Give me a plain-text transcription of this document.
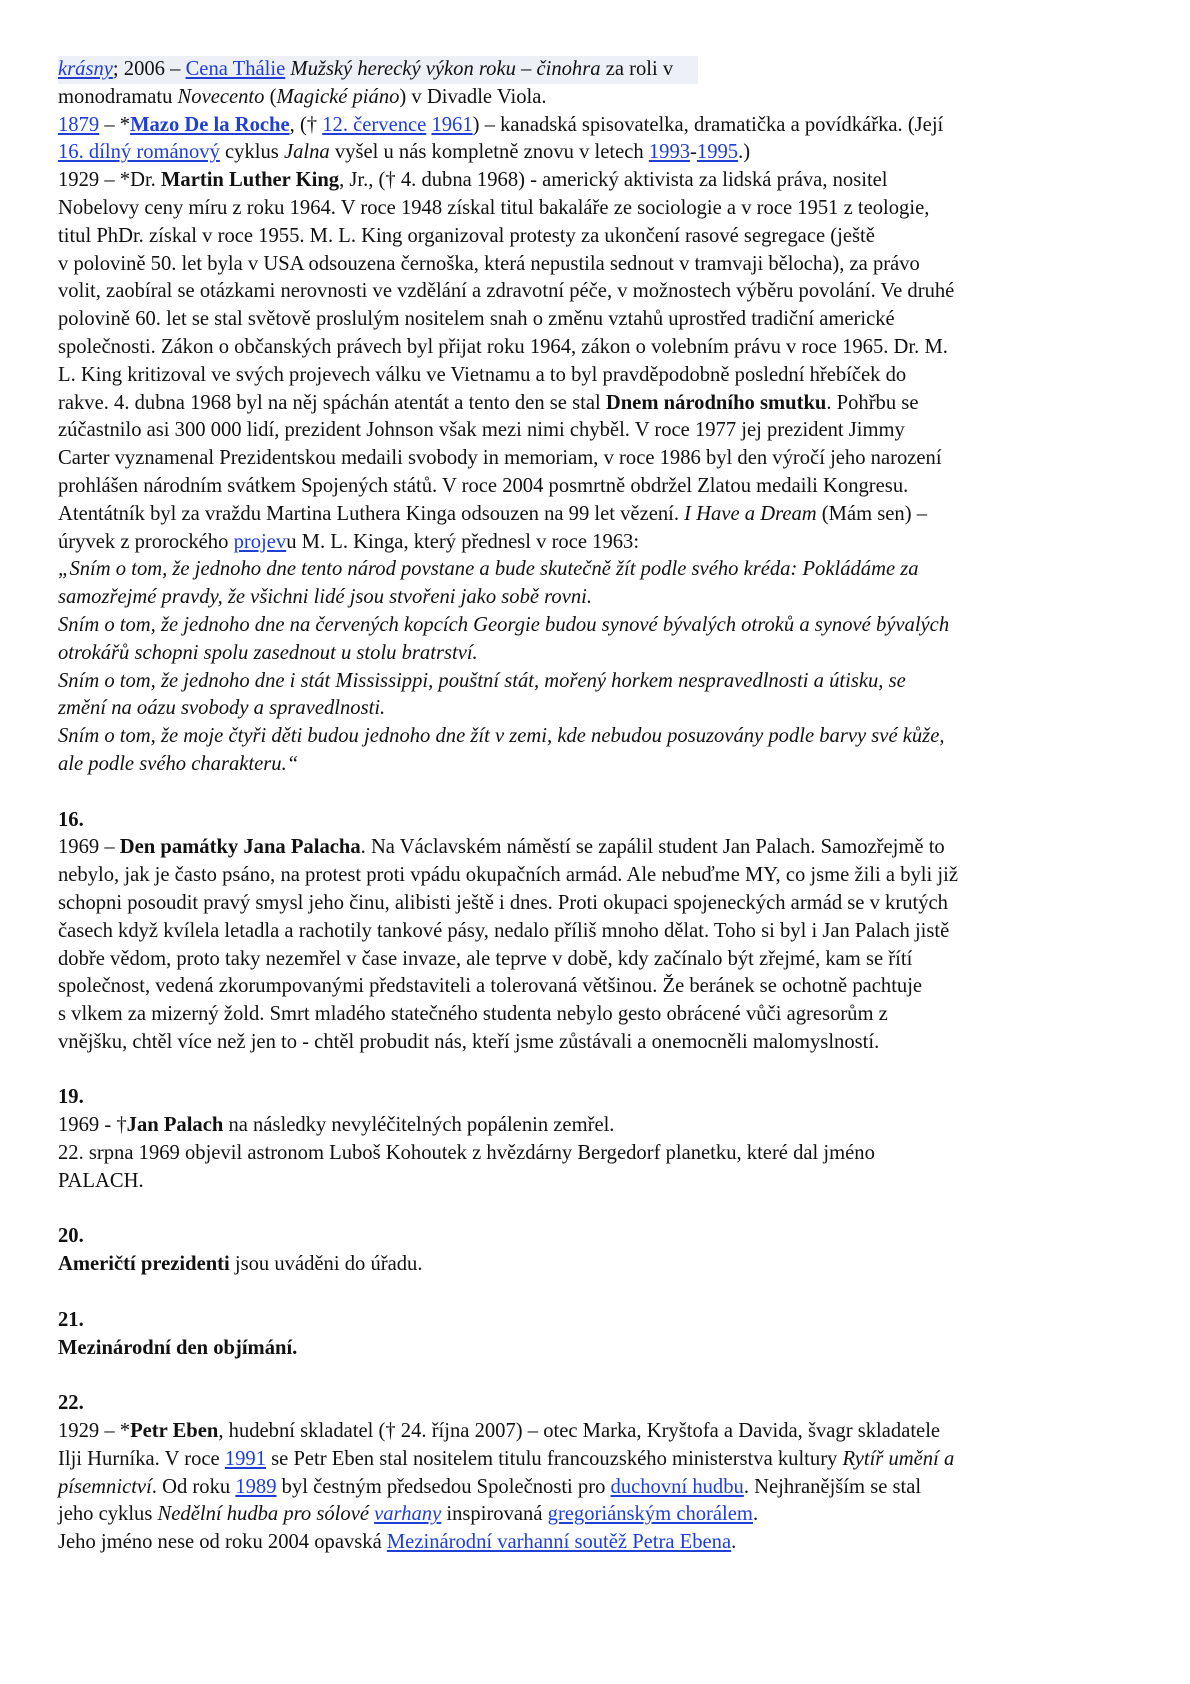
krásny; 2006 – Cena Thálie Mužský herecký výkon roku – činohra za roli v
monodramatu Novecento (Magické piáno) v Divadle Viola.
1879 – *Mazo De la Roche, († 12. července 1961) – kanadská spisovatelka, dramatička a povídkářka. (Její
16. dílný románový cyklus Jalna vyšel u nás kompletně znovu v letech 1993-1995.)
1929 – *Dr. Martin Luther King, Jr., († 4. dubna 1968) - americký aktivista za lidská práva, nositel
Nobelovy ceny míru z roku 1964. V roce 1948 získal titul bakaláře ze sociologie a v roce 1951 z teologie,
titul PhDr. získal v roce 1955. M. L. King organizoval protesty za ukončení rasové segregace (ještě
v polovině 50. let byla v USA odsouzena černoška, která nepustila sednout v tramvaji bělocha), za právo
volit, zaobíral se otázkami nerovnosti ve vzdělání a zdravotní péče, v možnostech výběru povolání. Ve druhé
polovině 60. let se stal světově proslulým nositelem snah o změnu vztahů uprostřed tradiční americké
společnosti. Zákon o občanských právech byl přijat roku 1964, zákon o volebním právu v roce 1965. Dr. M.
L. King kritizoval ve svých projevech válku ve Vietnamu a to byl pravděpodobně poslední hřebíček do
rakve. 4. dubna 1968 byl na něj spáchán atentát a tento den se stal Dnem národního smutku. Pohřbu se
zúčastnilo asi 300 000 lidí, prezident Johnson však mezi nimi chyběl. V roce 1977 jej prezident Jimmy
Carter vyznamenal Prezidentskou medaili svobody in memoriam, v roce 1986 byl den výročí jeho narození
prohlášen národním svátkem Spojených států. V roce 2004 posmrtně obdržel Zlatou medaili Kongresu.
Atentátník byl za vraždu Martina Luthera Kinga odsouzen na 99 let vězení. I Have a Dream (Mám sen) –
úryvek z prorockého projevu M. L. Kinga, který přednesl v roce 1963:
„Sním o tom, že jednoho dne tento národ povstane a bude skutečně žít podle svého kréda: Pokládáme za
samozřejmé pravdy, že všichni lidé jsou stvořeni jako sobě rovni.
Sním o tom, že jednoho dne na červených kopcích Georgie budou synové bývalých otroků a synové bývalých
otrokářů schopni spolu zasednout u stolu bratrství.
Sním o tom, že jednoho dne i stát Mississippi, pouštní stát, mořený horkem nespravedlnosti a útisku, se
změní na oázu svobody a spravedlnosti.
Sním o tom, že moje čtyři děti budou jednoho dne žít v zemi, kde nebudou posuzovány podle barvy své kůže,
ale podle svého charakteru.“
16.
1969 – Den památky Jana Palacha. Na Václavském náměstí se zapálil student Jan Palach. Samozřejmě to
nebylo, jak je často psáno, na protest proti vpádu okupačních armád. Ale nebuďme MY, co jsme žili a byli již
schopni posoudit pravý smysl jeho činu, alibisti ještě i dnes. Proti okupaci spojeneckých armád se v krutých
časech když kvílela letadla a rachotily tankové pásy, nedalo příliš mnoho dělat. Toho si byl i Jan Palach jistě
dobře vědom, proto taky nezemřel v čase invaze, ale teprve v době, kdy začínalo být zřejmé, kam se řítí
společnost, vedená zkorumpovanými představiteli a tolerovaná většinou. Že beránek se ochotně pachtuje
s vlkem za mizerný žold. Smrt mladého statečného studenta nebylo gesto obrácené vůči agresorům z
vnějšku, chtěl více než jen to - chtěl probudit nás, kteří jsme zůstávali a onemocněli malomyslností.
19.
1969 - †Jan Palach na následky nevyléčitelných popálenin zemřel.
22. srpna 1969 objevil astronom Luboš Kohoutek z hvězdárny Bergedorf planetku, které dal jméno
PALACH.
20.
Američtí prezidenti jsou uváděni do úřadu.
21.
Mezinárodní den objímání.
22.
1929 – *Petr Eben, hudební skladatel († 24. října 2007) – otec Marka, Kryštofa a Davida, švagr skladatele
Ilji Hurníka. V roce 1991 se Petr Eben stal nositelem titulu francouzského ministerstva kultury Rytíř umění a
písemnictví. Od roku 1989 byl čestným předsedou Společnosti pro duchovní hudbu. Nejhranějším se stal
jeho cyklus Nedělní hudba pro sólové varhany inspirovaná gregoriánským chorálem.
Jeho jméno nese od roku 2004 opavská Mezinárodní varhanní soutěž Petra Ebena.
